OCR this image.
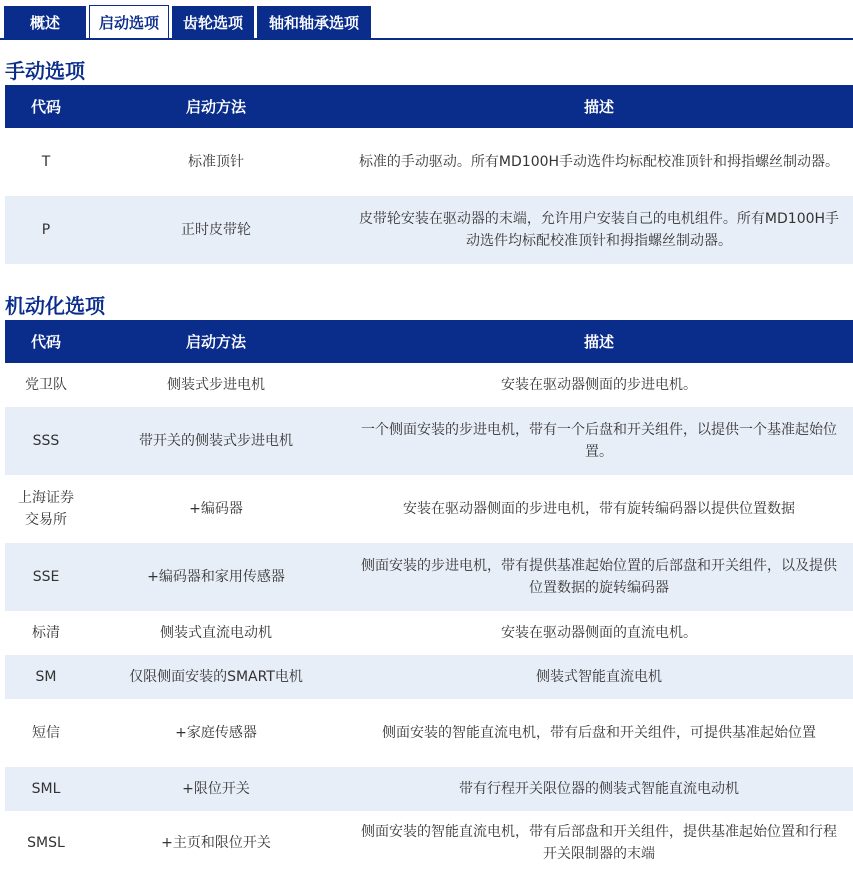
概述	启动选项	齿轮选项	轴和轴承选项
手动选项
代码	启动方法	描述
T	标准顶针	标准的手动驱动。所有MD100H手动选件均标配校准顶针和拇指螺丝制动器。
P	正时皮带轮	皮带轮安装在驱动器的末端，允许用户安装自己的电机组件。所有MD100H手动选件均标配校准顶针和拇指螺丝制动器。
机动化选项
代码	启动方法	描述
党卫队	侧装式步进电机	安装在驱动器侧面的步进电机。
SSS	带开关的侧装式步进电机	一个侧面安装的步进电机，带有一个后盘和开关组件，以提供一个基准起始位置。
上海证券交易所	+编码器	安装在驱动器侧面的步进电机，带有旋转编码器以提供位置数据
SSE	+编码器和家用传感器	侧面安装的步进电机，带有提供基准起始位置的后部盘和开关组件，以及提供位置数据的旋转编码器
标清	侧装式直流电动机	安装在驱动器侧面的直流电机。
SM	仅限侧面安装的SMART电机	侧装式智能直流电机
短信	+家庭传感器	侧面安装的智能直流电机，带有后盘和开关组件，可提供基准起始位置
SML	+限位开关	带有行程开关限位器的侧装式智能直流电动机
SMSL	+主页和限位开关	侧面安装的智能直流电机，带有后部盘和开关组件，提供基准起始位置和行程开关限制器的末端
